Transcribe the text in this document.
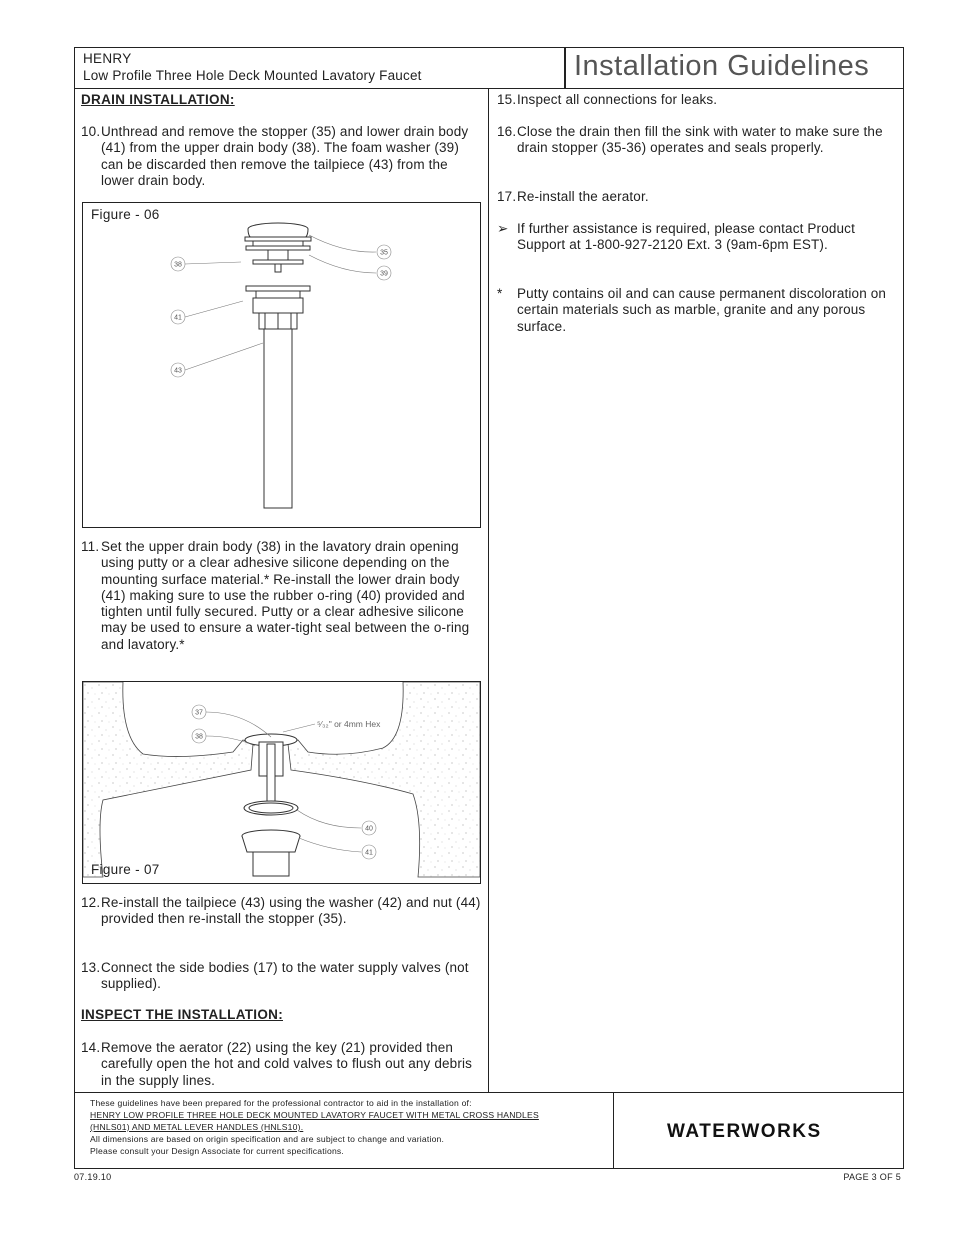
HENRY
Low Profile Three Hole Deck Mounted Lavatory Faucet	Installation Guidelines
DRAIN INSTALLATION:
10. Unthread and remove the stopper (35) and lower drain body (41) from the upper drain body (38). The foam washer (39) can be discarded then remove the tailpiece (43) from the lower drain body.
Figure - 06
38
35
39
41
43
11. Set the upper drain body (38) in the lavatory drain opening using putty or a clear adhesive silicone depending on the mounting surface material.* Re-install the lower drain body (41) making sure to use the rubber o-ring (40) provided and tighten until fully secured. Putty or a clear adhesive silicone may be used to ensure a water-tight seal between the o-ring and lavatory.*
37
38
40
41
⁵⁄₃₂" or 4mm Hex
Figure - 07
12. Re-install the tailpiece (43) using the washer (42) and nut (44) provided then re-install the stopper (35).
13. Connect the side bodies (17) to the water supply valves (not supplied).
INSPECT THE INSTALLATION:
14. Remove the aerator (22) using the key (21) provided then carefully open the hot and cold valves to flush out any debris in the supply lines.
15. Inspect all connections for leaks.
16. Close the drain then fill the sink with water to make sure the drain stopper (35-36) operates and seals properly.
17. Re-install the aerator.
➢ If further assistance is required, please contact Product Support at 1-800-927-2120 Ext. 3 (9am-6pm EST).
* Putty contains oil and can cause permanent discoloration on certain materials such as marble, granite and any porous surface.
These guidelines have been prepared for the professional contractor to aid in the installation of:
HENRY LOW PROFILE THREE HOLE DECK MOUNTED LAVATORY FAUCET WITH METAL CROSS HANDLES
(HNLS01) AND METAL LEVER HANDLES (HNLS10).
All dimensions are based on origin specification and are subject to change and variation.
Please consult your Design Associate for current specifications.
WATERWORKS
07.19.10	PAGE 3 OF 5
